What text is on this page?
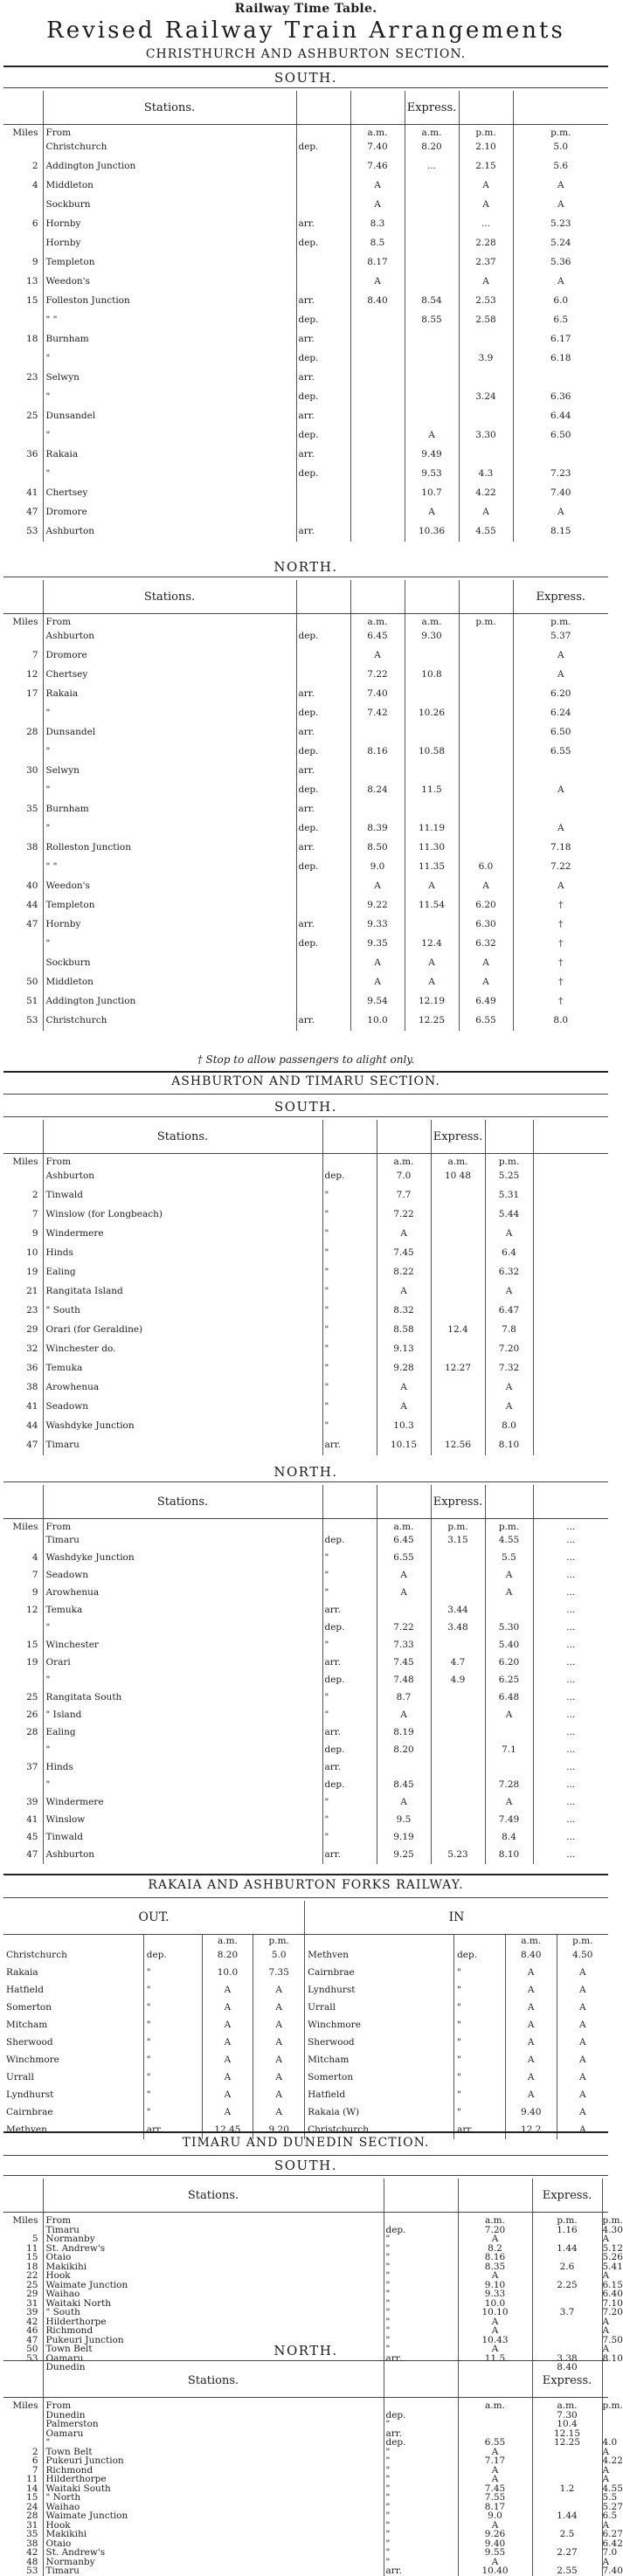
Railway Time Table.
Revised Railway Train Arrangements
CHRISTHURCH AND ASHBURTON SECTION.
SOUTH.
	Stations.			Express.		
Miles	From		a.m.	a.m.	p.m.	p.m.
	Christchurch	dep.	7.40	8.20	2.10	5.0
2	Addington Junction		7.46	...	2.15	5.6
4	Middleton		A		A	A
	Sockburn		A		A	A
6	Hornby	arr.	8.3		...	5.23
	Hornby	dep.	8.5		2.28	5.24
9	Templeton		8.17		2.37	5.36
13	Weedon's		A		A	A
15	Folleston Junction	arr.	8.40	8.54	2.53	6.0
	" "	dep.		8.55	2.58	6.5
18	Burnham	arr.				6.17
	"	dep.			3.9	6.18
23	Selwyn	arr.				
	"	dep.			3.24	6.36
25	Dunsandel	arr.				6.44
	"	dep.		A	3.30	6.50
36	Rakaia	arr.		9.49		
	"	dep.		9.53	4.3	7.23
41	Chertsey			10.7	4.22	7.40
47	Dromore			A	A	A
53	Ashburton	arr.		10.36	4.55	8.15
NORTH.
	Stations.					Express.
Miles	From		a.m.	a.m.	p.m.	p.m.
	Ashburton	dep.	6.45	9.30		5.37
7	Dromore		A			A
12	Chertsey		7.22	10.8		A
17	Rakaia	arr.	7.40			6.20
	"	dep.	7.42	10.26		6.24
28	Dunsandel	arr.				6.50
	"	dep.	8.16	10.58		6.55
30	Selwyn	arr.				
	"	dep.	8.24	11.5		A
35	Burnham	arr.				
	"	dep.	8.39	11.19		A
38	Rolleston Junction	arr.	8.50	11.30		7.18
	" "	dep.	9.0	11.35	6.0	7.22
40	Weedon's		A	A	A	A
44	Templeton		9.22	11.54	6.20	†
47	Hornby	arr.	9.33		6.30	†
	"	dep.	9.35	12.4	6.32	†
	Sockburn		A	A	A	†
50	Middleton		A	A	A	†
51	Addington Junction		9.54	12.19	6.49	†
53	Christchurch	arr.	10.0	12.25	6.55	8.0
† Stop to allow passengers to alight only.
ASHBURTON AND TIMARU SECTION.
SOUTH.
	Stations.			Express.		
Miles	From		a.m.	a.m.	p.m.	
	Ashburton	dep.	7.0	10 48	5.25	
2	Tinwald	"	7.7		5.31	
7	Winslow (for Longbeach)	"	7.22		5.44	
9	Windermere	"	A		A	
10	Hinds	"	7.45		6.4	
19	Ealing	"	8.22		6.32	
21	Rangitata Island	"	A		A	
23	" South	"	8.32		6.47	
29	Orari (for Geraldine)	"	8.58	12.4	7.8	
32	Winchester do.	"	9.13		7.20	
36	Temuka	"	9.28	12.27	7.32	
38	Arowhenua	"	A		A	
41	Seadown	"	A		A	
44	Washdyke Junction	"	10.3		8.0	
47	Timaru	arr.	10.15	12.56	8.10	
NORTH.
	Stations.			Express.		
Miles	From		a.m.	p.m.	p.m.	...
	Timaru	dep.	6.45	3.15	4.55	...
4	Washdyke Junction	"	6.55		5.5	...
7	Seadown	"	A		A	...
9	Arowhenua	"	A		A	...
12	Temuka	arr.		3.44		...
	"	dep.	7.22	3.48	5.30	...
15	Winchester	"	7.33		5.40	...
19	Orari	arr.	7.45	4.7	6.20	...
	"	dep.	7.48	4.9	6.25	...
25	Rangitata South	"	8.7		6.48	...
26	" Island	"	A		A	...
28	Ealing	arr.	8.19			...
	"	dep.	8.20		7.1	...
37	Hinds	arr.				...
	"	dep.	8.45		7.28	...
39	Windermere	"	A		A	...
41	Winslow	"	9.5		7.49	...
45	Tinwald	"	9.19		8.4	...
47	Ashburton	arr.	9.25	5.23	8.10	...
RAKAIA AND ASHBURTON FORKS RAILWAY.
OUT.				IN			
		a.m.	p.m.			a.m.	p.m.
Christchurch	dep.	8.20	5.0	Methven	dep.	8.40	4.50
Rakaia	"	10.0	7.35	Cairnbrae	"	A	A
Hatfield	"	A	A	Lyndhurst	"	A	A
Somerton	"	A	A	Urrall	"	A	A
Mitcham	"	A	A	Winchmore	"	A	A
Sherwood	"	A	A	Sherwood	"	A	A
Winchmore	"	A	A	Mitcham	"	A	A
Urrall	"	A	A	Somerton	"	A	A
Lyndhurst	"	A	A	Hatfield	"	A	A
Cairnbrae	"	A	A	Rakaia (W)	"	9.40	A
Methven	arr.	12.45	9.20	Christchurch	arr.	12.2	A
TIMARU AND DUNEDIN SECTION.
SOUTH.
	Stations.			Express.	
Miles	From		a.m.	p.m.	p.m.
	Timaru	dep.	7.20	1.16	4.30
5	Normanby	"	A		A
11	St. Andrew's	"	8.2	1.44	5.12
15	Otaio	"	8.16		5.26
18	Makikihi	"	8.35	2.6	5.41
22	Hook	"	A		A
25	Waimate Junction	"	9.10	2.25	6.15
29	Waihao	"	9.33		6.40
31	Waitaki North	"	10.0		7.10
39	" South	"	10.10	3.7	7.20
42	Hilderthorpe	"	A		A
46	Richmond	"	A		A
47	Pukeuri Junction	"	10.43		7.50
50	Town Belt	"	A		A
53	Oamaru	arr.	11.5	3.38	8.10
	Dunedin			8.40	
NORTH.
	Stations.			Express.	
Miles	From		a.m.	a.m.	p.m.
	Dunedin	dep.		7.30	
	Palmerston	"		10.4	
	Oamaru	arr.		12.15	
	"	dep.	6.55	12.25	4.0
2	Town Belt	"	A		A
6	Pukeuri Junction	"	7.17		4.22
7	Richmond	"	A		A
11	Hilderthorpe	"	A		A
14	Waitaki South	"	7.45	1.2	4.55
15	" North	"	7.55		5.5
24	Waihao	"	8.17		5.27
28	Waimate Junction	"	9.0	1.44	6.5
31	Hook	"	A		A
35	Makikihi	"	9.26	2.5	6.27
38	Otaio	"	9.40		6.42
42	St. Andrew's	"	9.55	2.27	7.0
48	Normanby	"	A		A
53	Timaru	arr.	10.40	2.55	7.40
